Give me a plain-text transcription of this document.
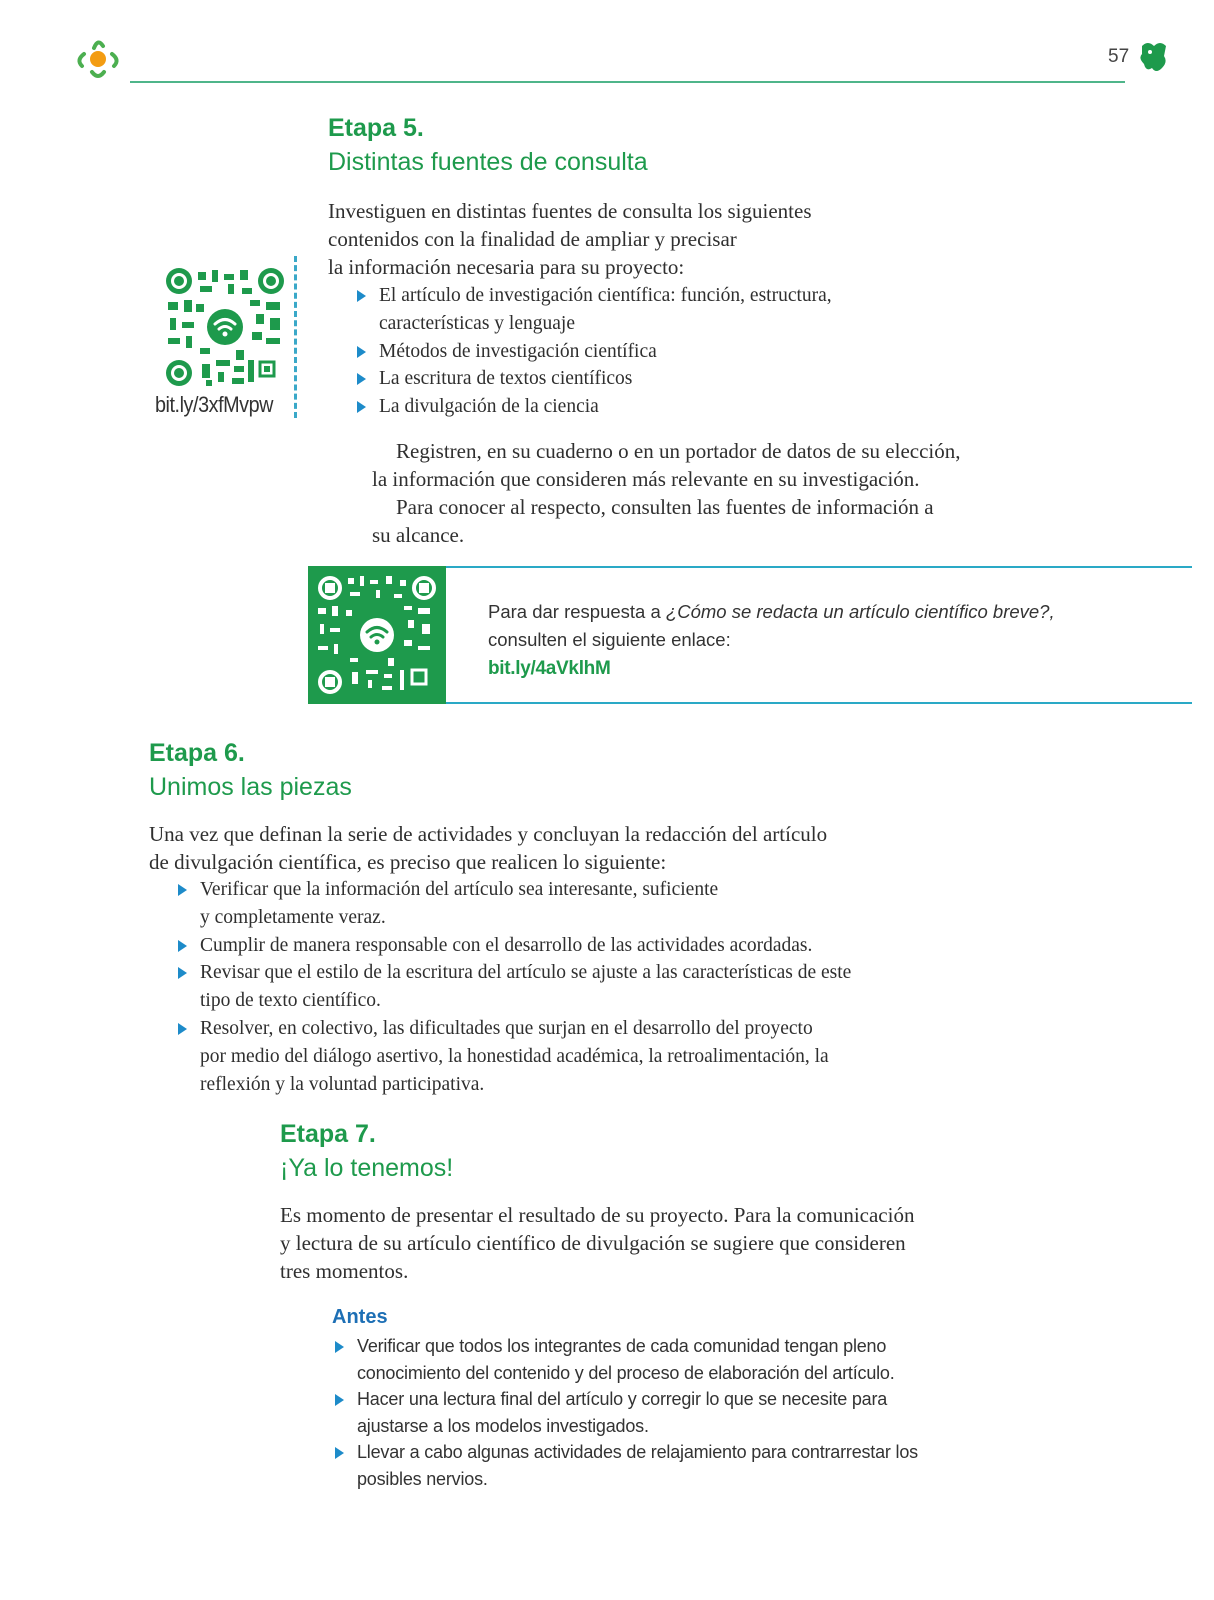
57
Etapa 5.
Distintas fuentes de consulta

Investiguen en distintas fuentes de consulta los siguientes

contenidos con la finalidad de ampliar y precisar

la información necesaria para su proyecto:

El artículo de investigación científica: función, estructura,
características y lenguaje
Métodos de investigación científica
La escritura de textos científicos
La divulgación de la ciencia
bit.ly/3xfMvpw

Registren, en su cuaderno o en un portador de datos de su elección,

la información que consideren más relevante en su investigación.

Para conocer al respecto, consulten las fuentes de información a

su alcance.

Para dar respuesta a ¿Cómo se redacta un artículo científico breve?,
consulten el siguiente enlace:
bit.ly/4aVklhM
Etapa 6.
Unimos las piezas

Una vez que definan la serie de actividades y concluyan la redacción del artículo

de divulgación científica, es preciso que realicen lo siguiente:

Verificar que la información del artículo sea interesante, suficiente
y completamente veraz.
Cumplir de manera responsable con el desarrollo de las actividades acordadas.
Revisar que el estilo de la escritura del artículo se ajuste a las características de este
tipo de texto científico.
Resolver, en colectivo, las dificultades que surjan en el desarrollo del proyecto
por medio del diálogo asertivo, la honestidad académica, la retroalimentación, la
reflexión y la voluntad participativa.
Etapa 7.
¡Ya lo tenemos!

Es momento de presentar el resultado de su proyecto. Para la comunicación

y lectura de su artículo científico de divulgación se sugiere que consideren

tres momentos.

Antes
Verificar que todos los integrantes de cada comunidad tengan pleno
conocimiento del contenido y del proceso de elaboración del artículo.
Hacer una lectura final del artículo y corregir lo que se necesite para
ajustarse a los modelos investigados.
Llevar a cabo algunas actividades de relajamiento para contrarrestar los
posibles nervios.
